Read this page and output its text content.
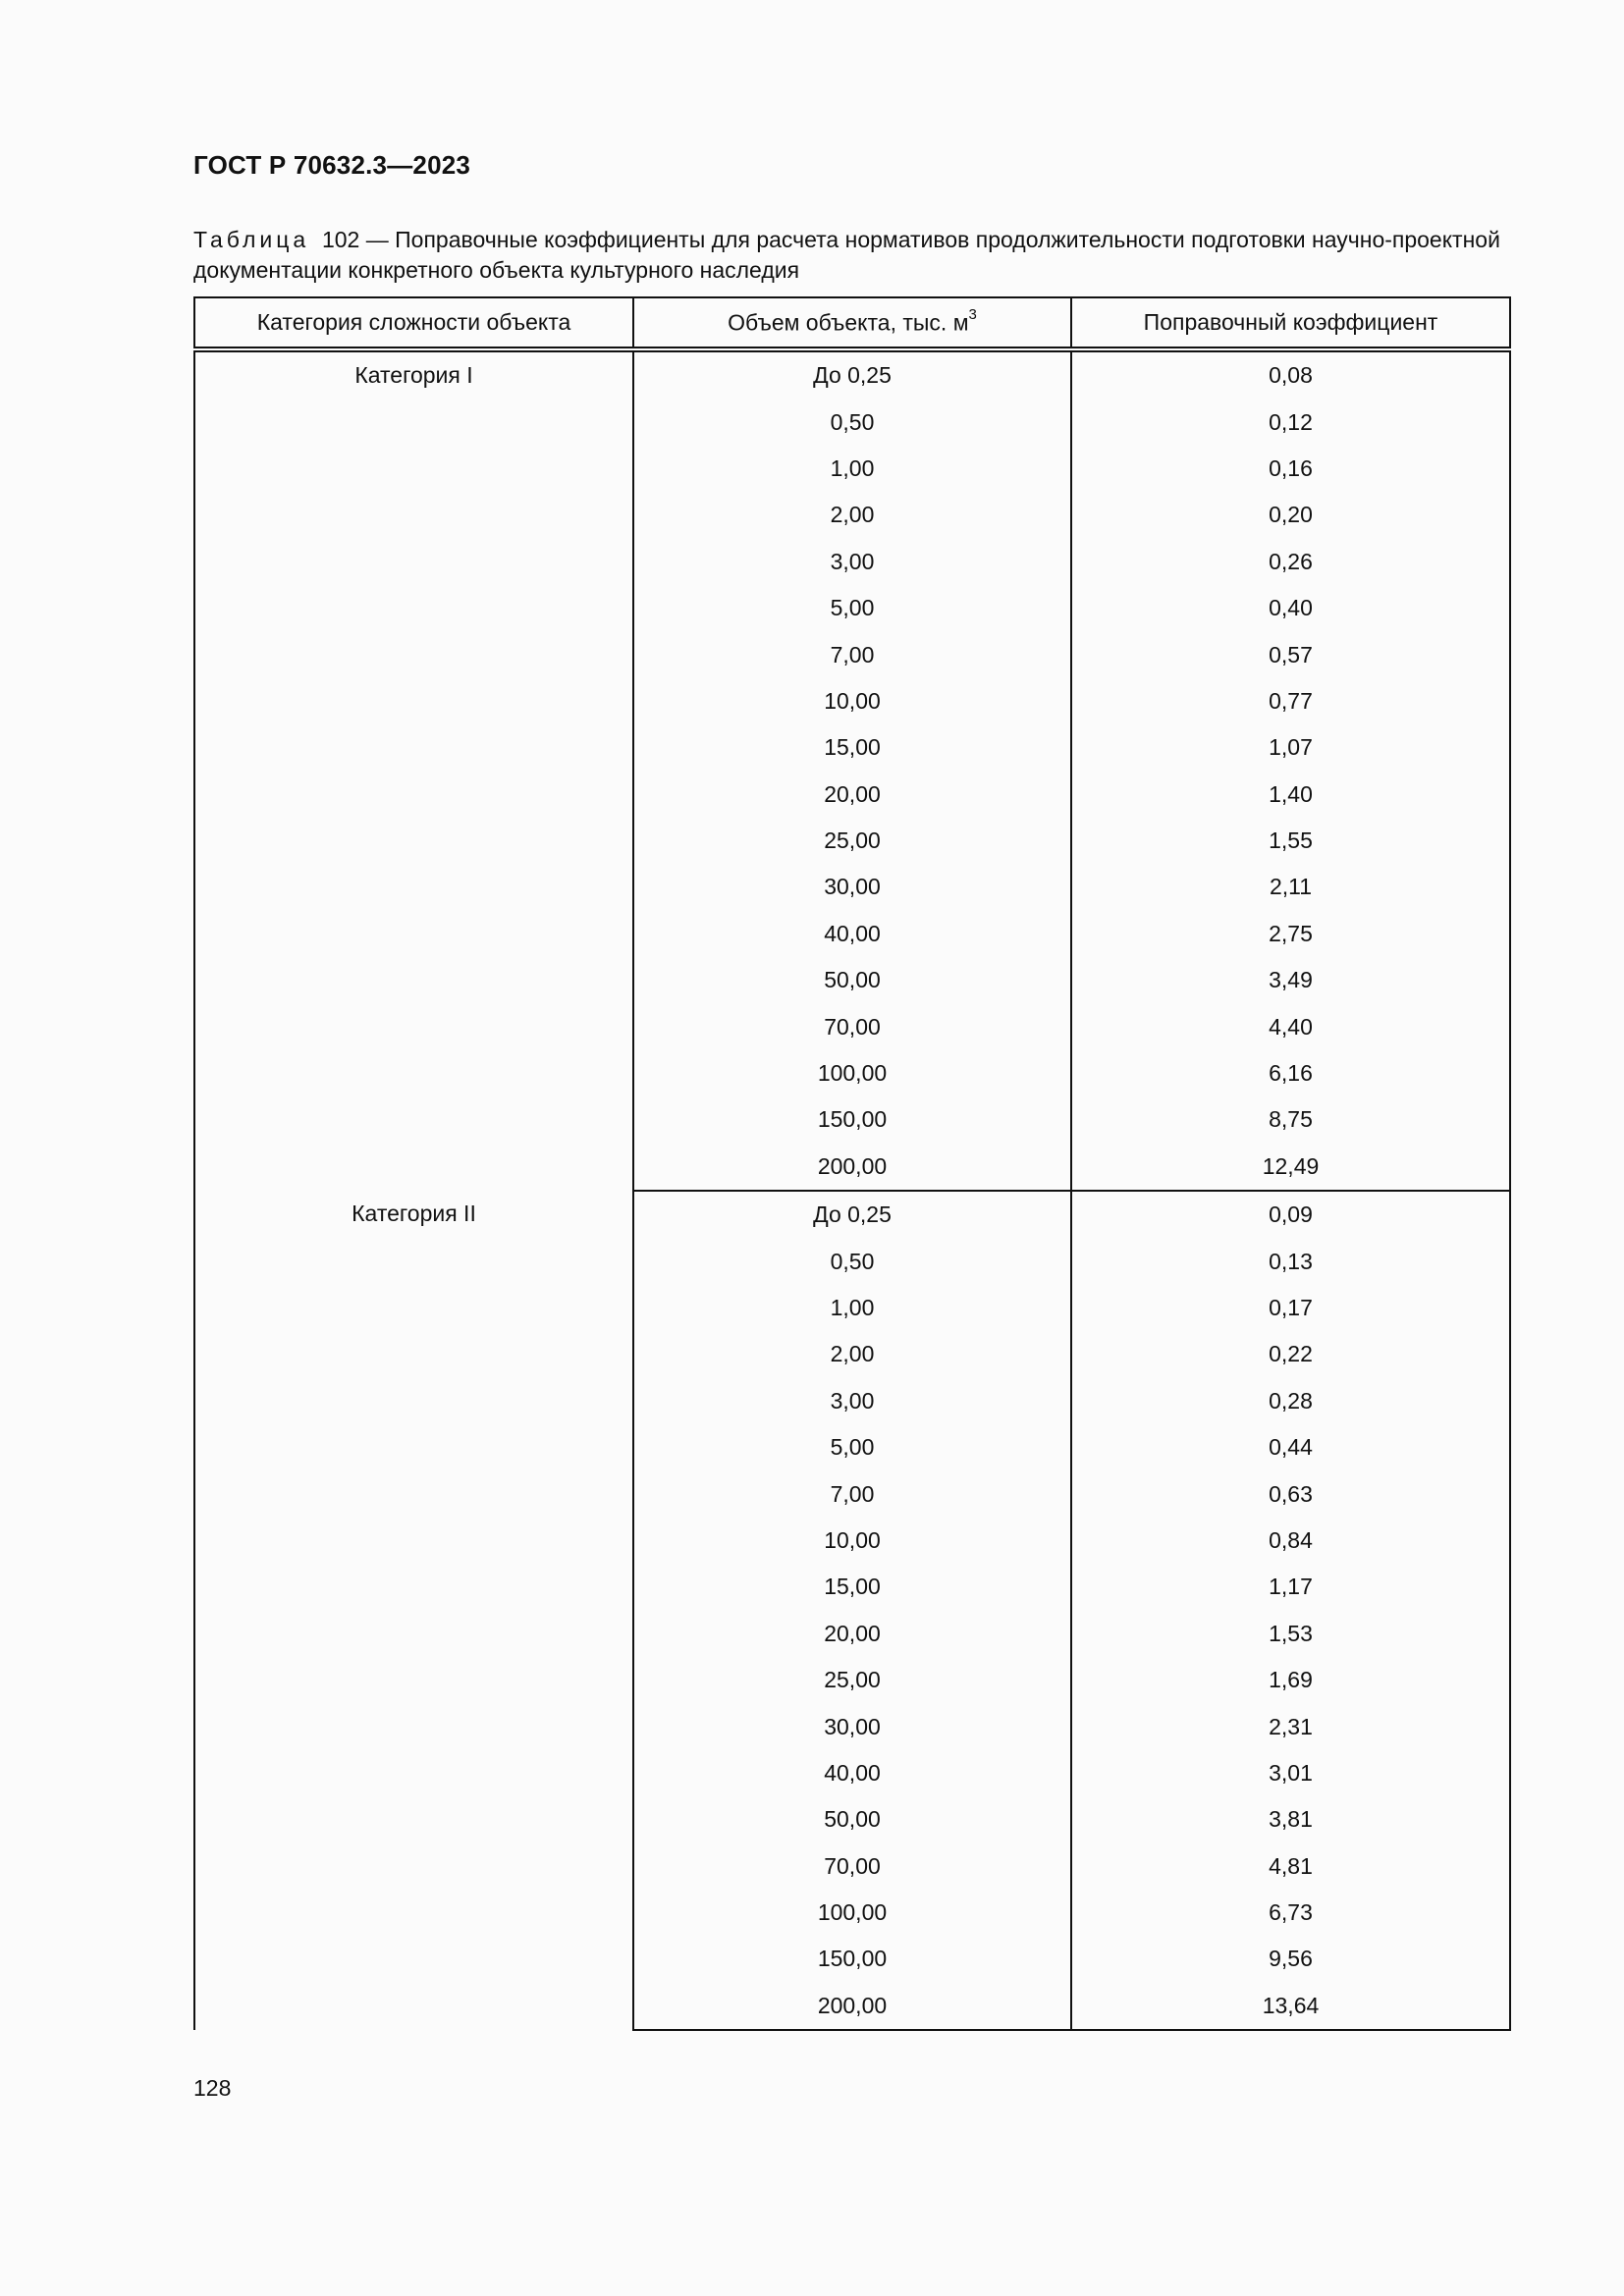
ГОСТ Р 70632.3—2023
Таблица 102 — Поправочные коэффициенты для расчета нормативов продолжительности подготовки научно-проектной документации конкретного объекта культурного наследия
Категория сложности объекта	Объем объекта, тыс. $м^3$	Поправочный коэффициент
Категория I	До 0,25	0,08
	0,50	0,12
	1,00	0,16
	2,00	0,20
	3,00	0,26
	5,00	0,40
	7,00	0,57
	10,00	0,77
	15,00	1,07
	20,00	1,40
	25,00	1,55
	30,00	2,11
	40,00	2,75
	50,00	3,49
	70,00	4,40
	100,00	6,16
	150,00	8,75
	200,00	12,49
Категория II	До 0,25	0,09
	0,50	0,13
	1,00	0,17
	2,00	0,22
	3,00	0,28
	5,00	0,44
	7,00	0,63
	10,00	0,84
	15,00	1,17
	20,00	1,53
	25,00	1,69
	30,00	2,31
	40,00	3,01
	50,00	3,81
	70,00	4,81
	100,00	6,73
	150,00	9,56
	200,00	13,64
128
